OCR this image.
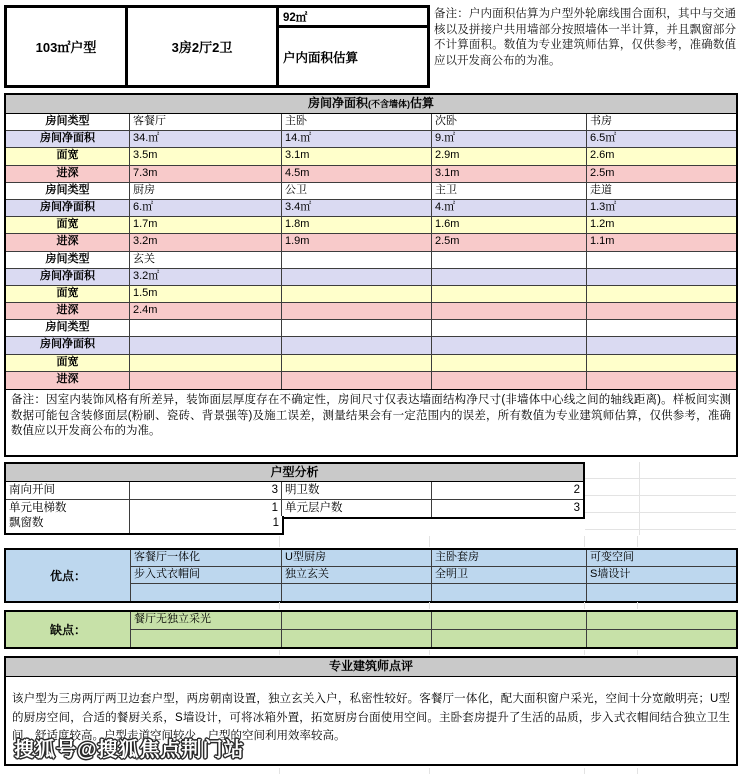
103㎡户型	3房2厅2卫
92㎡
户内面积估算
备注：户内面积估算为户型外轮廓线围合面积，其中与交通核以及拼接户共用墙部分按照墙体一半计算，并且飘窗部分不计算面积。数值为专业建筑师估算，仅供参考，准确数值应以开发商公布的为准。
房间净面积(不含墙体)估算
房间类型	客餐厅	主卧	次卧	书房
房间净面积	34.㎡	14.㎡	9.㎡	6.5㎡
面宽	3.5m	3.1m	2.9m	2.6m
进深	7.3m	4.5m	3.1m	2.5m
房间类型	厨房	公卫	主卫	走道
房间净面积	6.㎡	3.4㎡	4.㎡	1.3㎡
面宽	1.7m	1.8m	1.6m	1.2m
进深	3.2m	1.9m	2.5m	1.1m
房间类型	玄关
房间净面积	3.2㎡
面宽	1.5m
进深	2.4m
房间类型
房间净面积
面宽
进深
备注：因室内装饰风格有所差异，装饰面层厚度存在不确定性，房间尺寸仅表达墙面结构净尺寸(非墙体中心线之间的轴线距离)。样板间实测数据可能包含装修面层(粉刷、瓷砖、背景强等)及施工误差，测量结果会有一定范围内的误差，所有数值为专业建筑师估算，仅供参考，准确数值应以开发商公布的为准。
户型分析
南向开间	3 明卫数	2
单元电梯数	1 单元层户数	3
飘窗数	1
优点：
客餐厅一体化	U型厨房	主卧套房	可变空间
步入式衣帽间	独立玄关	全明卫	S墙设计
缺点：
餐厅无独立采光
专业建筑师点评
该户型为三房两厅两卫边套户型，两房朝南设置，独立玄关入户，私密性较好。客餐厅一体化，配大面积窗户采光，空间十分宽敞明亮；U型的厨房空间，合适的餐厨关系，S墙设计，可将冰箱外置，拓宽厨房台面使用空间。主卧套房提升了生活的品质，步入式衣帽间结合独立卫生间，舒适度较高。户型走道空间较少，户型的空间利用效率较高。
搜狐号@搜狐焦点荆门站
